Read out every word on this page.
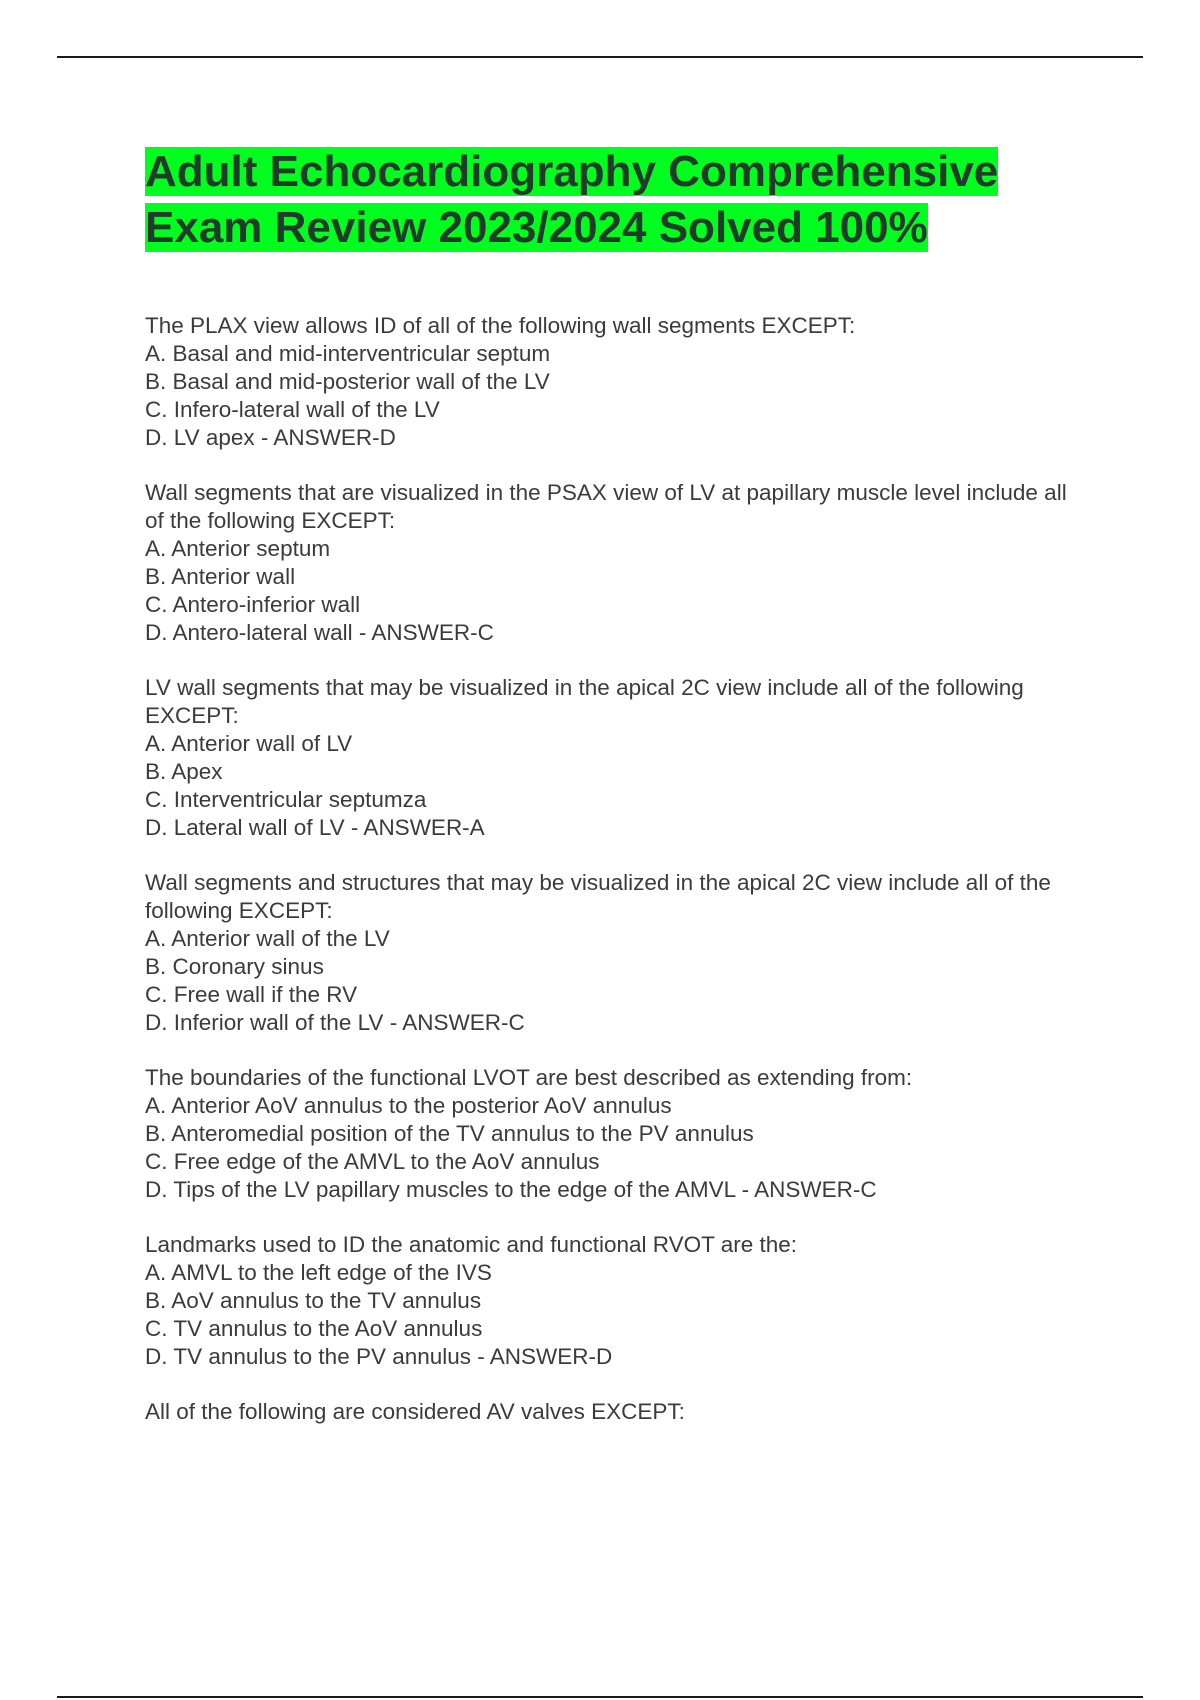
Adult Echocardiography Comprehensive
Exam Review 2023/2024 Solved 100%

The PLAX view allows ID of all of the following wall segments EXCEPT:

A. Basal and mid-interventricular septum

B. Basal and mid-posterior wall of the LV

C. Infero-lateral wall of the LV

D. LV apex - ANSWER-D

Wall segments that are visualized in the PSAX view of LV at papillary muscle level include all of the following EXCEPT:

A. Anterior septum

B. Anterior wall

C. Antero-inferior wall

D. Antero-lateral wall - ANSWER-C

LV wall segments that may be visualized in the apical 2C view include all of the following EXCEPT:

A. Anterior wall of LV

B. Apex

C. Interventricular septumza

D. Lateral wall of LV - ANSWER-A

Wall segments and structures that may be visualized in the apical 2C view include all of the following EXCEPT:

A. Anterior wall of the LV

B. Coronary sinus

C. Free wall if the RV

D. Inferior wall of the LV - ANSWER-C

The boundaries of the functional LVOT are best described as extending from:

A. Anterior AoV annulus to the posterior AoV annulus

B. Anteromedial position of the TV annulus to the PV annulus

C. Free edge of the AMVL to the AoV annulus

D. Tips of the LV papillary muscles to the edge of the AMVL - ANSWER-C

Landmarks used to ID the anatomic and functional RVOT are the:

A. AMVL to the left edge of the IVS

B. AoV annulus to the TV annulus

C. TV annulus to the AoV annulus

D. TV annulus to the PV annulus - ANSWER-D

All of the following are considered AV valves EXCEPT:
